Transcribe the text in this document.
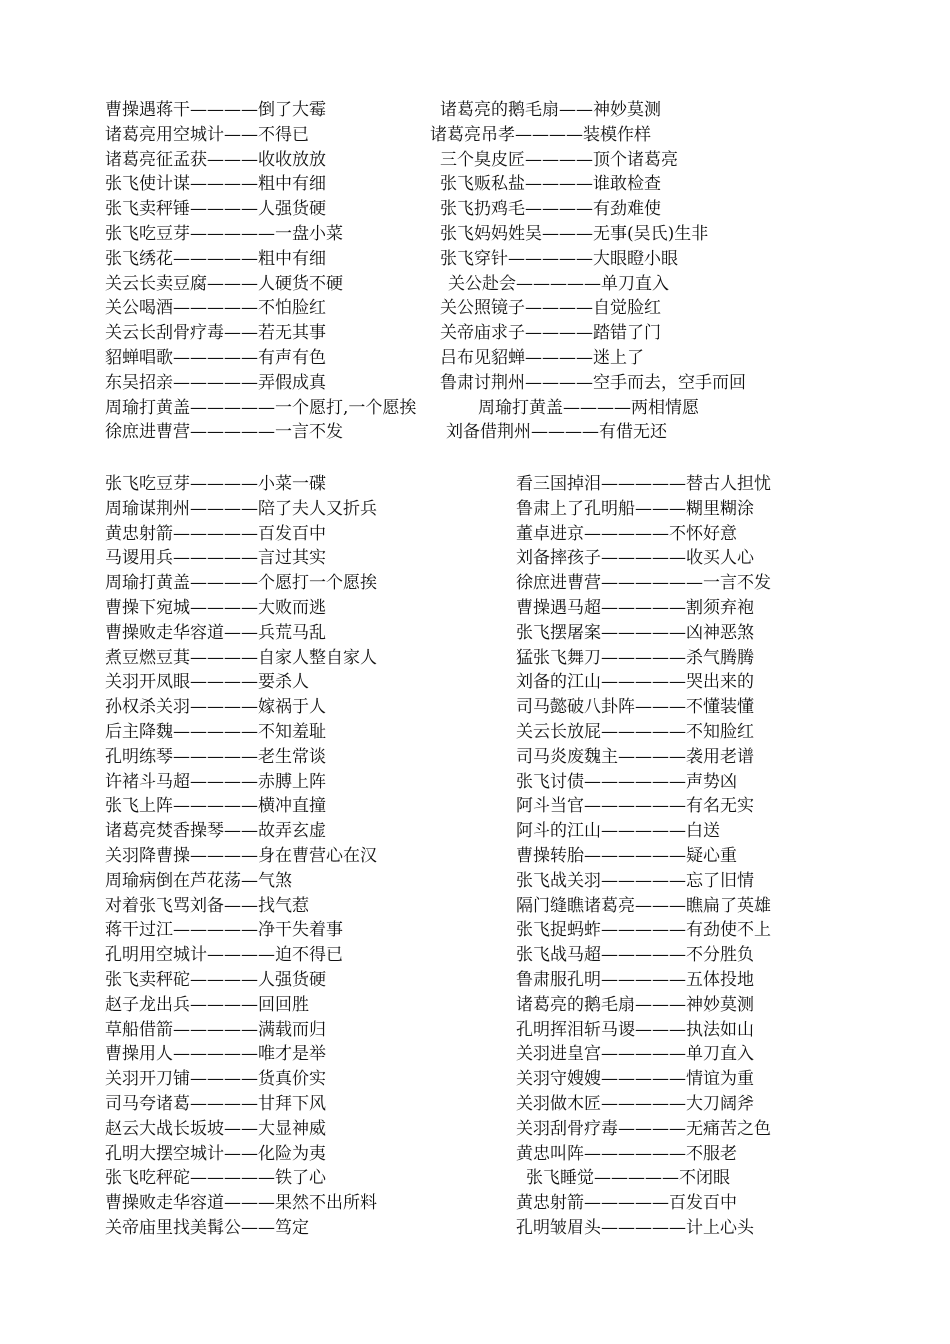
曹操遇蒋干————倒了大霉	诸葛亮的鹅毛扇——神妙莫测
诸葛亮用空城计——不得已	诸葛亮吊孝————装模作样
诸葛亮征孟获———收收放放	三个臭皮匠————顶个诸葛亮
张飞使计谋————粗中有细	张飞贩私盐————谁敢检查
张飞卖秤锤————人强货硬	张飞扔鸡毛————有劲难使
张飞吃豆芽—————一盘小菜	张飞妈妈姓吴———无事(吴氏)生非
张飞绣花—————粗中有细	张飞穿针—————大眼瞪小眼
关云长卖豆腐———人硬货不硬	关公赴会—————单刀直入
关公喝酒—————不怕脸红	关公照镜子————自觉脸红
关云长刮骨疗毒——若无其事	关帝庙求子————踏错了门
貂蝉唱歌—————有声有色	吕布见貂蝉————迷上了
东吴招亲—————弄假成真	鲁肃讨荆州————空手而去，空手而回
周瑜打黄盖—————一个愿打,一个愿挨	周瑜打黄盖————两相情愿
徐庶进曹营—————一言不发	刘备借荆州————有借无还
张飞吃豆芽————小菜一碟	看三国掉泪—————替古人担忧
周瑜谋荆州————陪了夫人又折兵	鲁肃上了孔明船———糊里糊涂
黄忠射箭—————百发百中	董卓进京—————不怀好意
马谡用兵—————言过其实	刘备摔孩子—————收买人心
周瑜打黄盖————个愿打一个愿挨	徐庶进曹营——————一言不发
曹操下宛城————大败而逃	曹操遇马超—————割须弃袍
曹操败走华容道——兵荒马乱	张飞摆屠案—————凶神恶煞
煮豆燃豆萁————自家人整自家人	猛张飞舞刀—————杀气腾腾
关羽开凤眼————要杀人	刘备的江山—————哭出来的
孙权杀关羽————嫁祸于人	司马懿破八卦阵———不懂装懂
后主降魏—————不知羞耻	关云长放屁—————不知脸红
孔明练琴—————老生常谈	司马炎废魏主————袭用老谱
许褚斗马超————赤膊上阵	张飞讨债——————声势凶
张飞上阵—————横冲直撞	阿斗当官——————有名无实
诸葛亮焚香操琴——故弄玄虚	阿斗的江山—————白送
关羽降曹操————身在曹营心在汉	曹操转胎——————疑心重
周瑜病倒在芦花荡—气煞	张飞战关羽—————忘了旧情
对着张飞骂刘备——找气惹	隔门缝瞧诸葛亮———瞧扁了英雄
蒋干过江—————净干失着事	张飞捉蚂蚱—————有劲使不上
孔明用空城计————迫不得已	张飞战马超—————不分胜负
张飞卖秤砣————人强货硬	鲁肃服孔明—————五体投地
赵子龙出兵————回回胜	诸葛亮的鹅毛扇———神妙莫测
草船借箭—————满载而归	孔明挥泪斩马谡———执法如山
曹操用人—————唯才是举	关羽进皇宫—————单刀直入
关羽开刀铺————货真价实	关羽守嫂嫂—————情谊为重
司马夸诸葛————甘拜下风	关羽做木匠—————大刀阔斧
赵云大战长坂坡——大显神威	关羽刮骨疗毒————无痛苦之色
孔明大摆空城计——化险为夷	黄忠叫阵——————不服老
张飞吃秤砣—————铁了心	张飞睡觉—————不闭眼
曹操败走华容道———果然不出所料	黄忠射箭—————百发百中
关帝庙里找美髯公——笃定	孔明皱眉头—————计上心头
